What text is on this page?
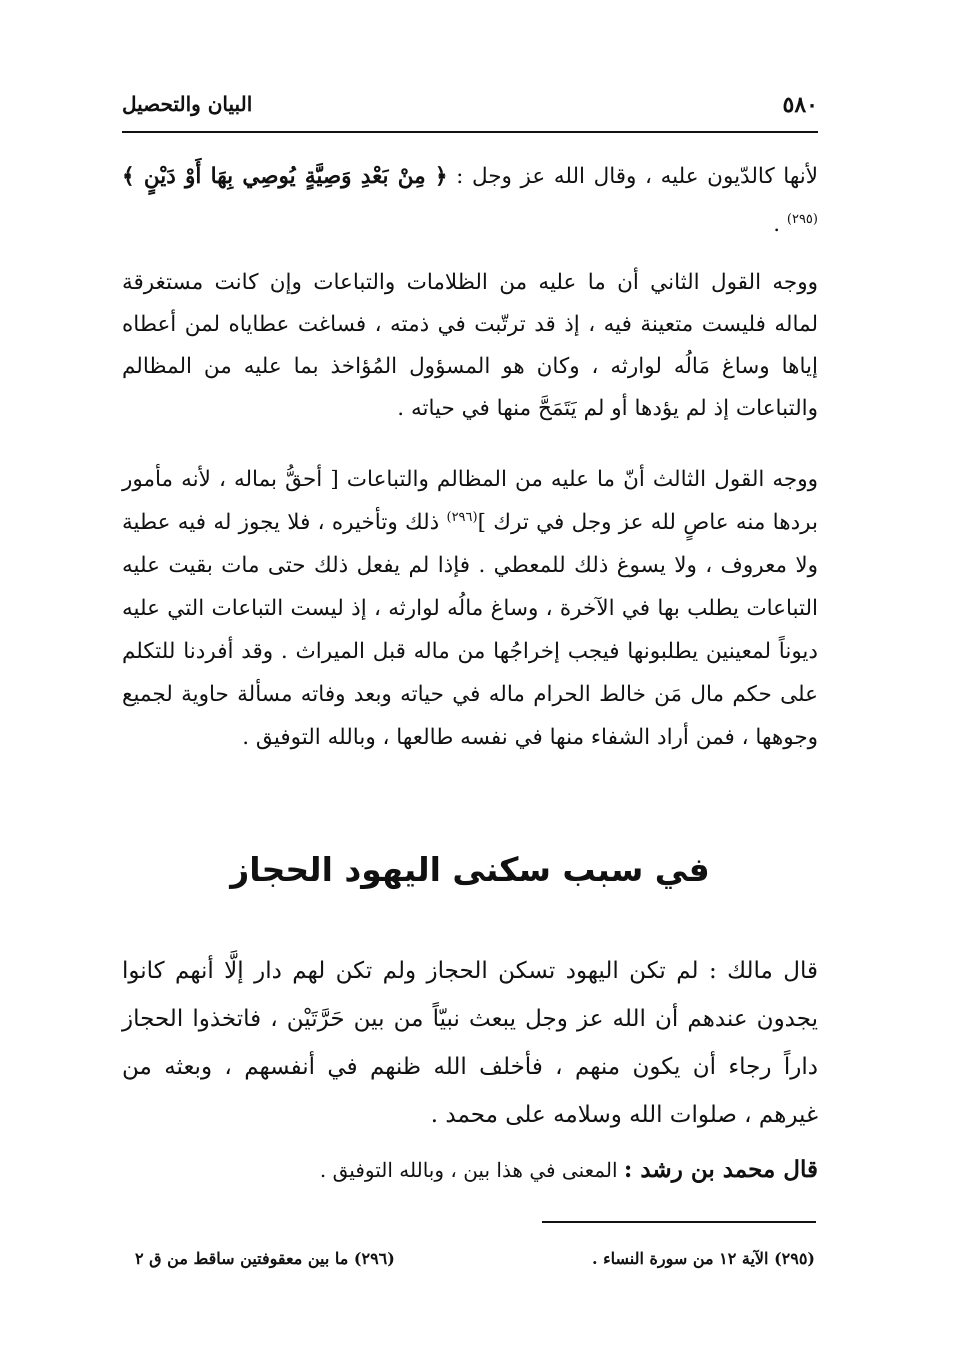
٥٨٠
البيان والتحصيل
لأنها كالدّيون عليه ، وقال الله عز وجل : ﴿ مِنْ بَعْدِ وَصِيَّةٍ يُوصِي بِهَا أَوْ دَيْنٍ ﴾$^{(٢٩٥)}$ .
ووجه القول الثاني أن ما عليه من الظلامات والتباعات وإن كانت مستغرقة لماله فليست متعينة فيه ، إذ قد ترتّبت في ذمته ، فساغت عطاياه لمن أعطاه إياها وساغ مَالُه لوارثه ، وكان هو المسؤول المُؤاخذ بما عليه من المظالم والتباعات إذ لم يؤدها أو لم يَتَمَحَّ منها في حياته .
ووجه القول الثالث أنّ ما عليه من المظالم والتباعات [ أحقُّ بماله ، لأنه مأمور بردها منه عاصٍ لله عز وجل في ترك ]$^{(٢٩٦)}$ ذلك وتأخيره ، فلا يجوز له فيه عطية ولا معروف ، ولا يسوغ ذلك للمعطي . فإذا لم يفعل ذلك حتى مات بقيت عليه التباعات يطلب بها في الآخرة ، وساغ مالُه لوارثه ، إذ ليست التباعات التي عليه ديوناً لمعينين يطلبونها فيجب إخراجُها من ماله قبل الميراث . وقد أفردنا للتكلم على حكم مال مَن خالط الحرام ماله في حياته وبعد وفاته مسألة حاوية لجميع وجوهها ، فمن أراد الشفاء منها في نفسه طالعها ، وبالله التوفيق .
في سبب سكنى اليهود الحجاز
قال مالك : لم تكن اليهود تسكن الحجاز ولم تكن لهم دار إلَّا أنهم كانوا يجدون عندهم أن الله عز وجل يبعث نبيّاً من بين حَرَّتَيْن ، فاتخذوا الحجاز داراً رجاء أن يكون منهم ، فأخلف الله ظنهم في أنفسهم ، وبعثه من غيرهم ، صلوات الله وسلامه على محمد .
قال محمد بن رشد : المعنى في هذا بين ، وبالله التوفيق .
(٢٩٥) الآية ١٢ من سورة النساء .
(٢٩٦) ما بين معقوفتين ساقط من ق ٢
